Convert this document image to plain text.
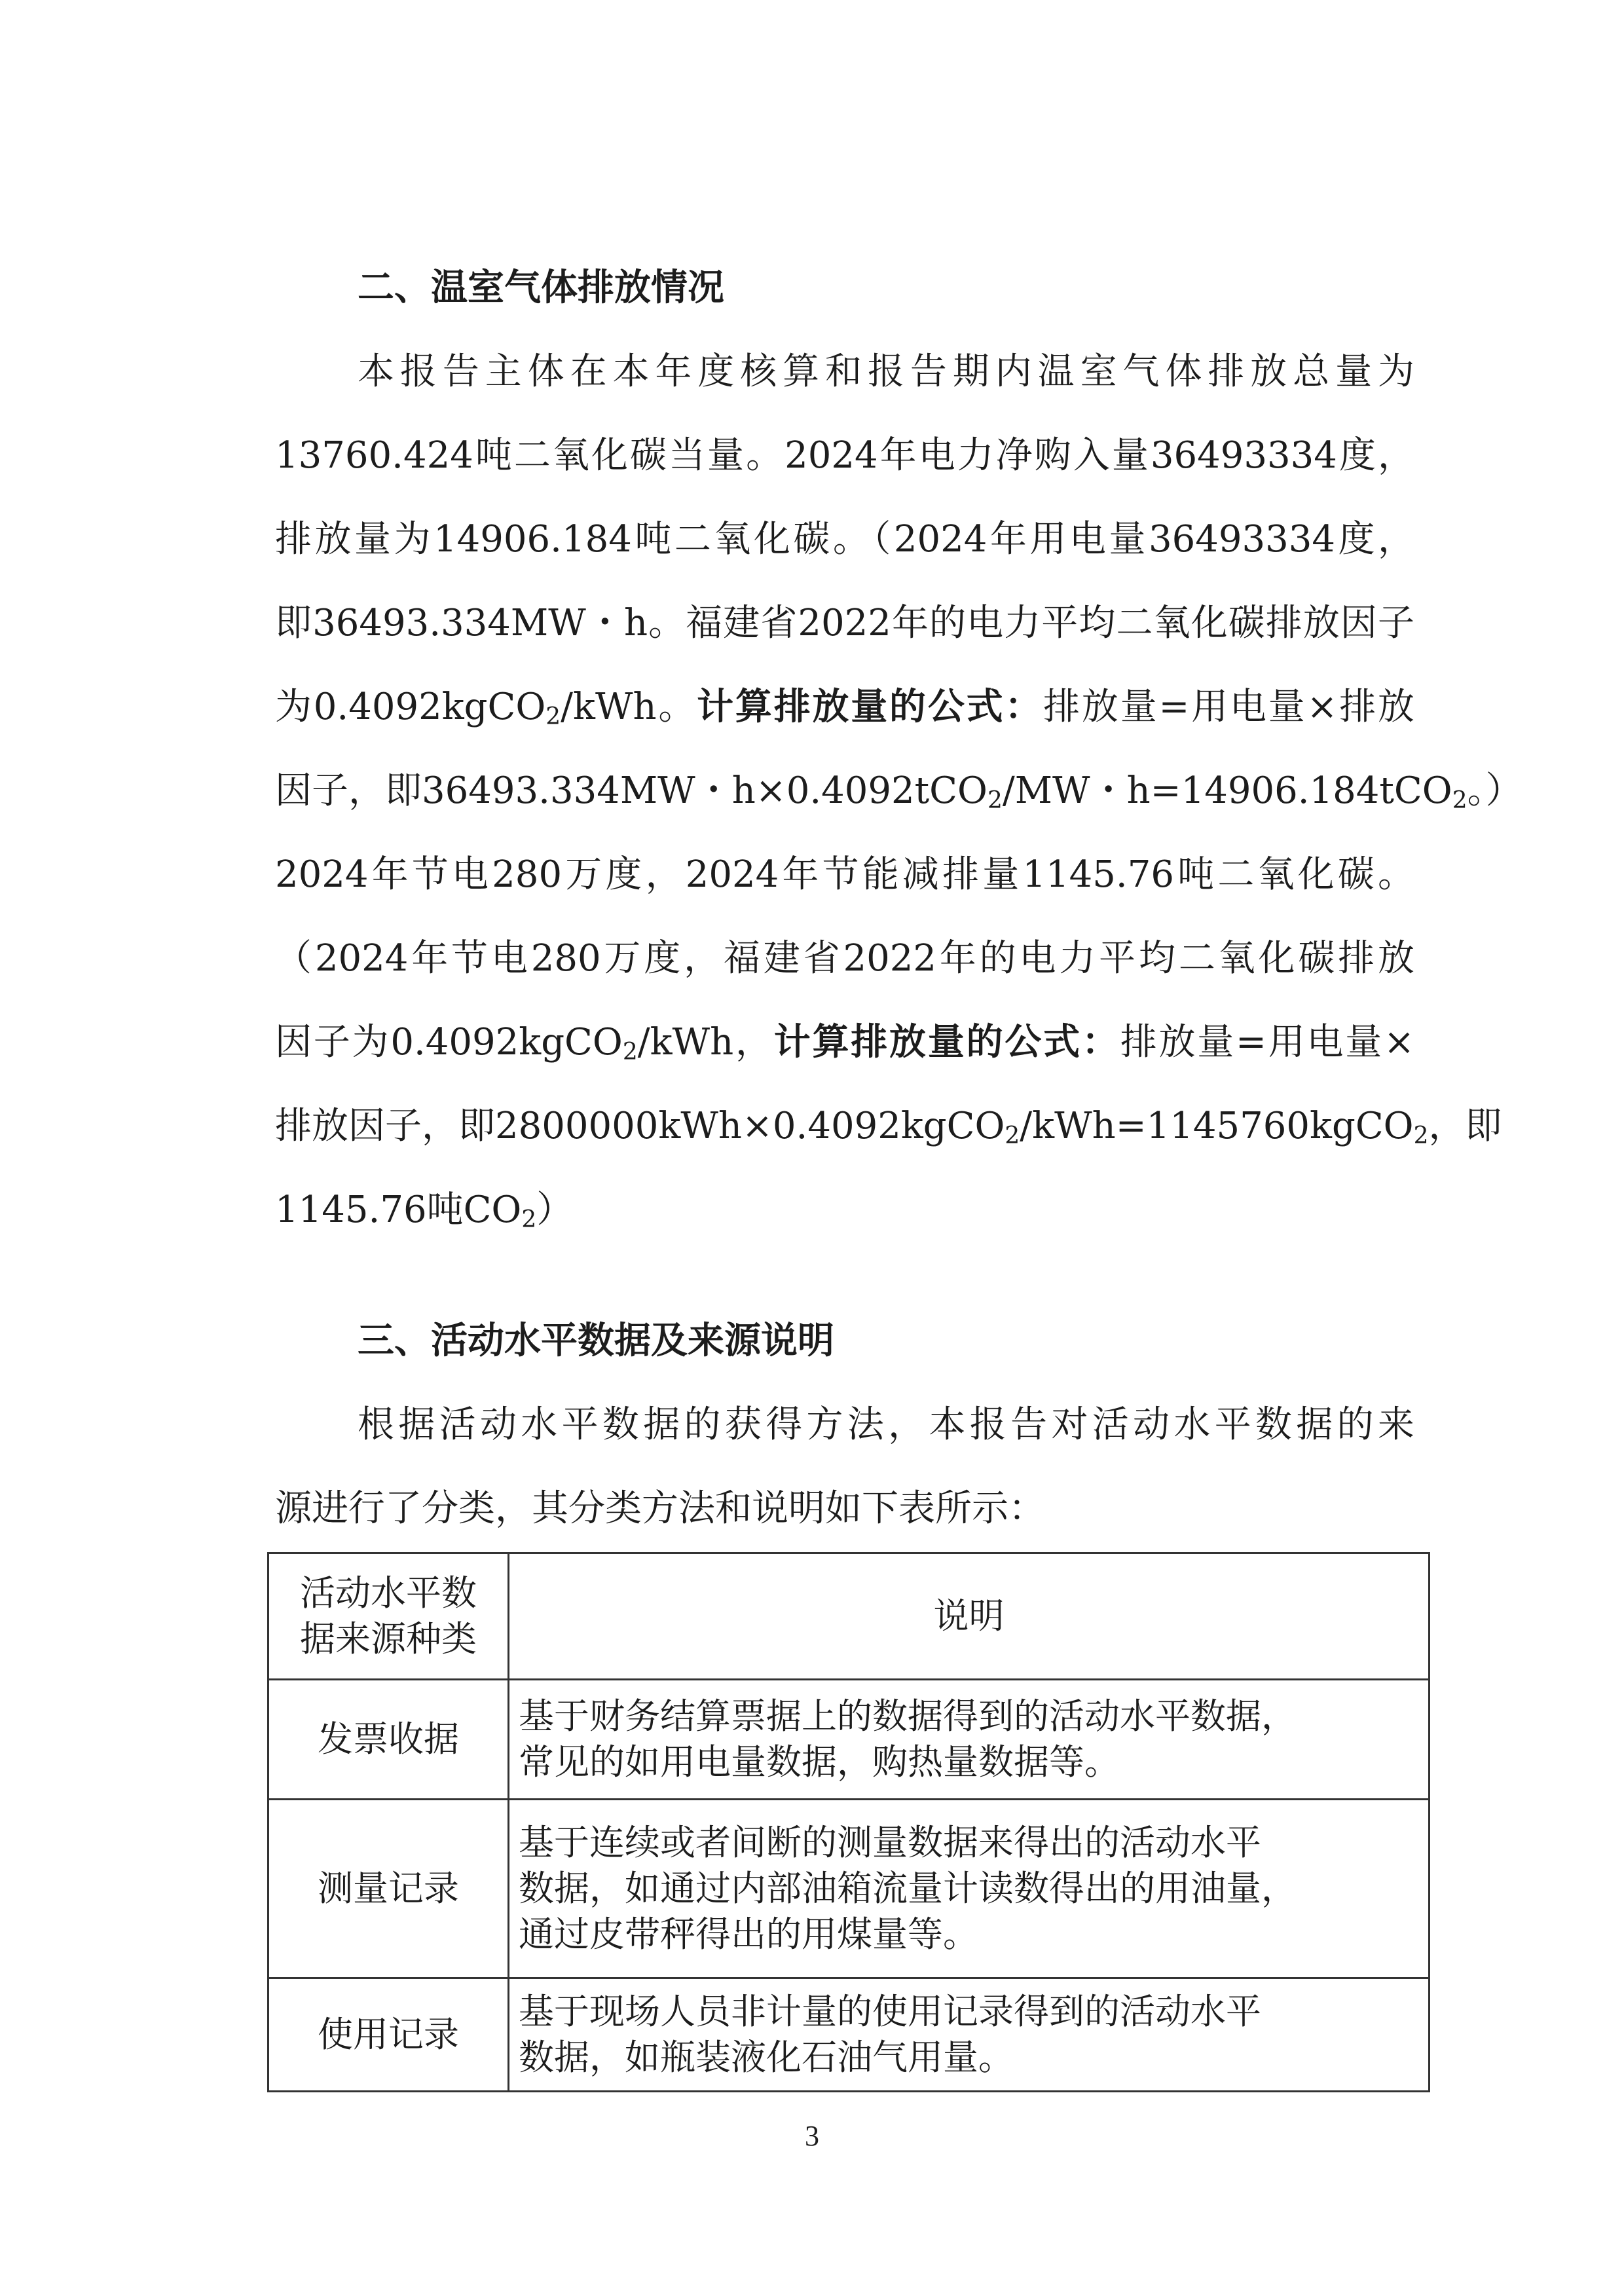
二、温室气体排放情况

本报告主体在本年度核算和报告期内温室气体排放总量为

13760.424吨二氧化碳当量。2024年电力净购入量36493334度，

排放量为14906.184吨二氧化碳。（2024年用电量36493334度，

即36493.334MW・h。福建省2022年的电力平均二氧化碳排放因子

为0.4092kgCO$_2$/kWh。计算排放量的公式：排放量=用电量×排放

因子，即36493.334MW・h×0.4092tCO$_2$/MW・h=14906.184tCO$_2$。）

2024年节电280万度，2024年节能减排量1145.76吨二氧化碳。

（2024年节电280万度，福建省2022年的电力平均二氧化碳排放

因子为0.4092kgCO$_2$/kWh，计算排放量的公式：排放量=用电量×

排放因子，即2800000kWh×0.4092kgCO$_2$/kWh=1145760kgCO$_2$，即

1145.76吨$CO_2$）

三、活动水平数据及来源说明

根据活动水平数据的获得方法，本报告对活动水平数据的来

源进行了分类，其分类方法和说明如下表所示：

活动水平数
据来源种类	说明
发票收据	基于财务结算票据上的数据得到的活动水平数据，
常见的如用电量数据，购热量数据等。

测量记录	基于连续或者间断的测量数据来得出的活动水平
数据，如通过内部油箱流量计读数得出的用油量，
通过皮带秤得出的用煤量等。

使用记录	基于现场人员非计量的使用记录得到的活动水平
数据，如瓶装液化石油气用量。
3
